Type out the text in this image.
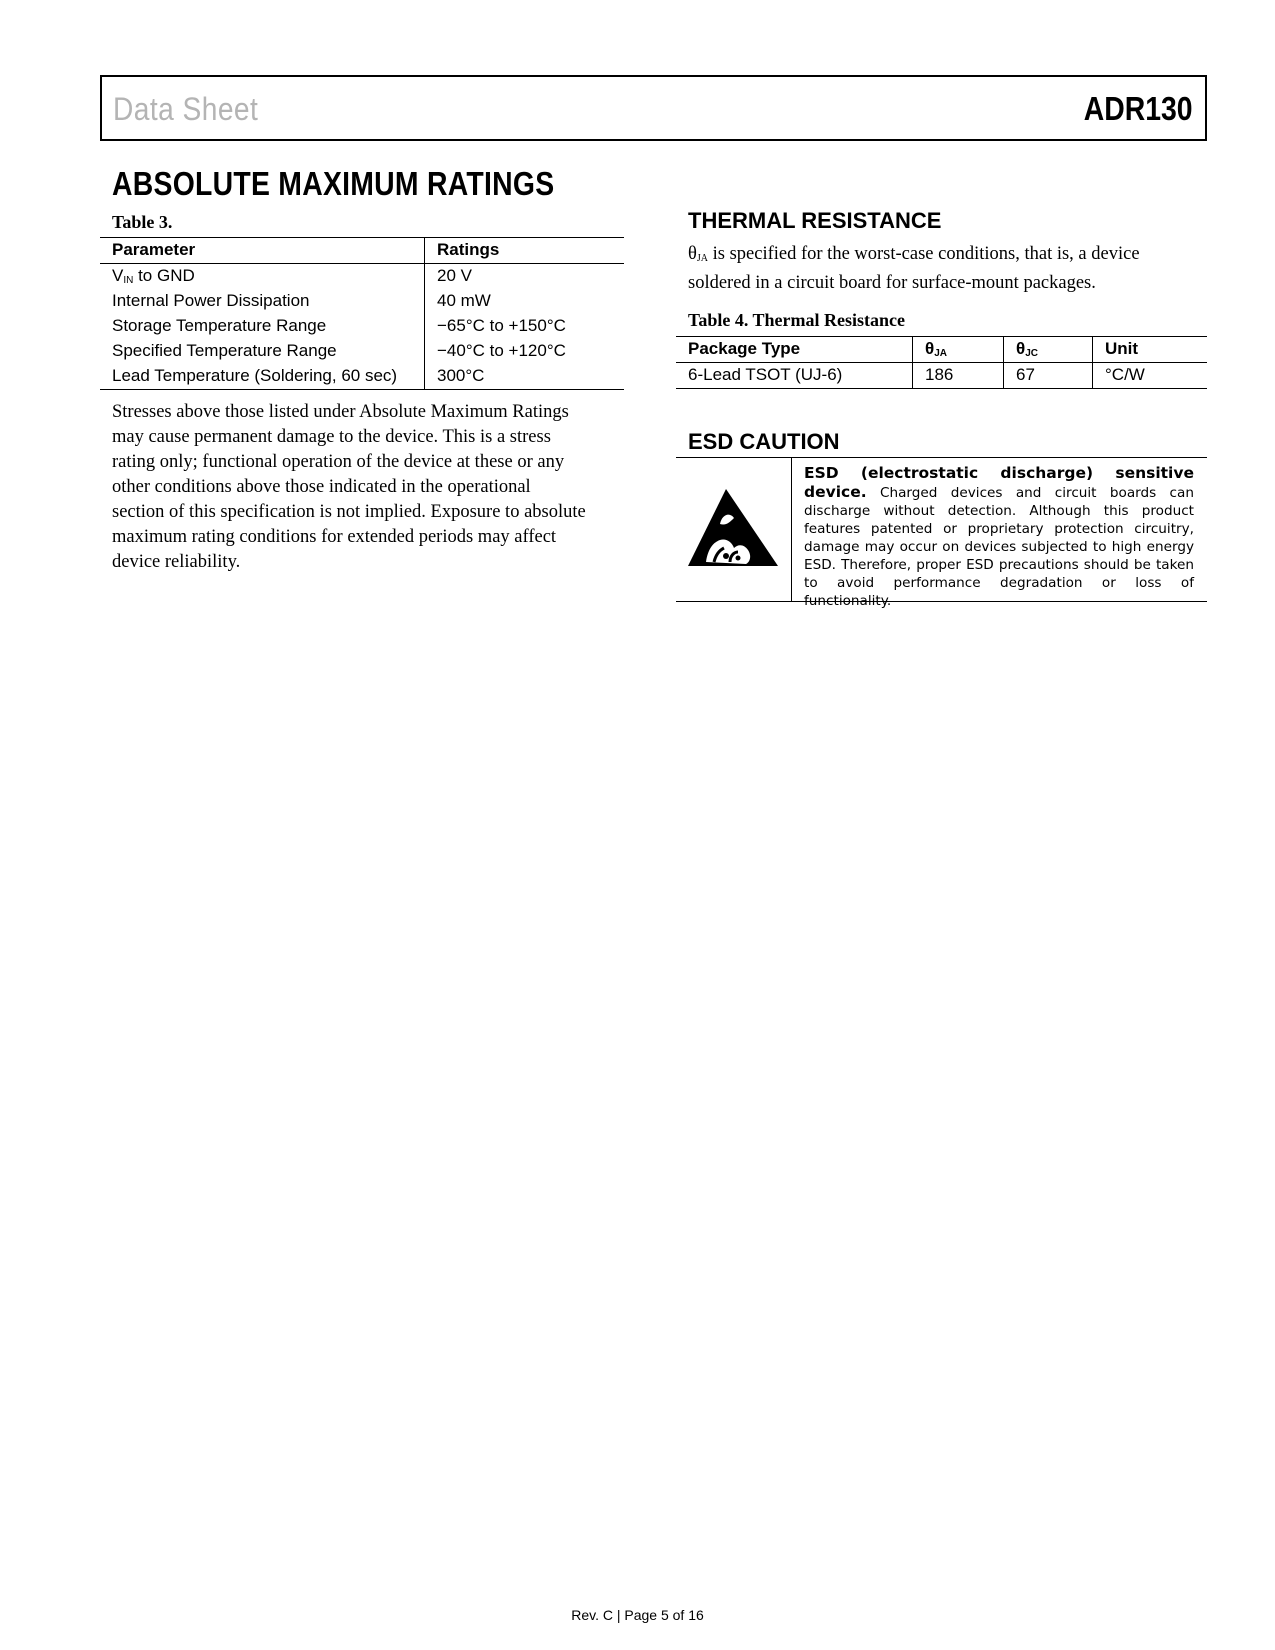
Data Sheet	ADR130
ABSOLUTE MAXIMUM RATINGS
Table 3.
Parameter	Ratings
$V_{IN}$ to GND	20 V
Internal Power Dissipation	40 mW
Storage Temperature Range	−65°C to +150°C
Specified Temperature Range	−40°C to +120°C
Lead Temperature (Soldering, 60 sec)	300°C
Stresses above those listed under Absolute Maximum Ratings
may cause permanent damage to the device. This is a stress
rating only; functional operation of the device at these or any
other conditions above those indicated in the operational
section of this specification is not implied. Exposure to absolute
maximum rating conditions for extended periods may affect
device reliability.
THERMAL RESISTANCE
$\theta_{JA}$ is specified for the worst-case conditions, that is, a device
soldered in a circuit board for surface-mount packages.
Table 4. Thermal Resistance
Package Type	$\theta_{JA}$	$\theta_{JC}$	Unit
6-Lead TSOT (UJ-6)	186	67	°C/W
ESD CAUTION
ESD (electrostatic discharge) sensitive device. Charged devices and circuit boards can discharge without detection. Although this product features patented or proprietary protection circuitry, damage may occur on devices subjected to high energy ESD. Therefore, proper ESD precautions should be taken to avoid performance degradation or loss of functionality.
Rev. C | Page 5 of 16
